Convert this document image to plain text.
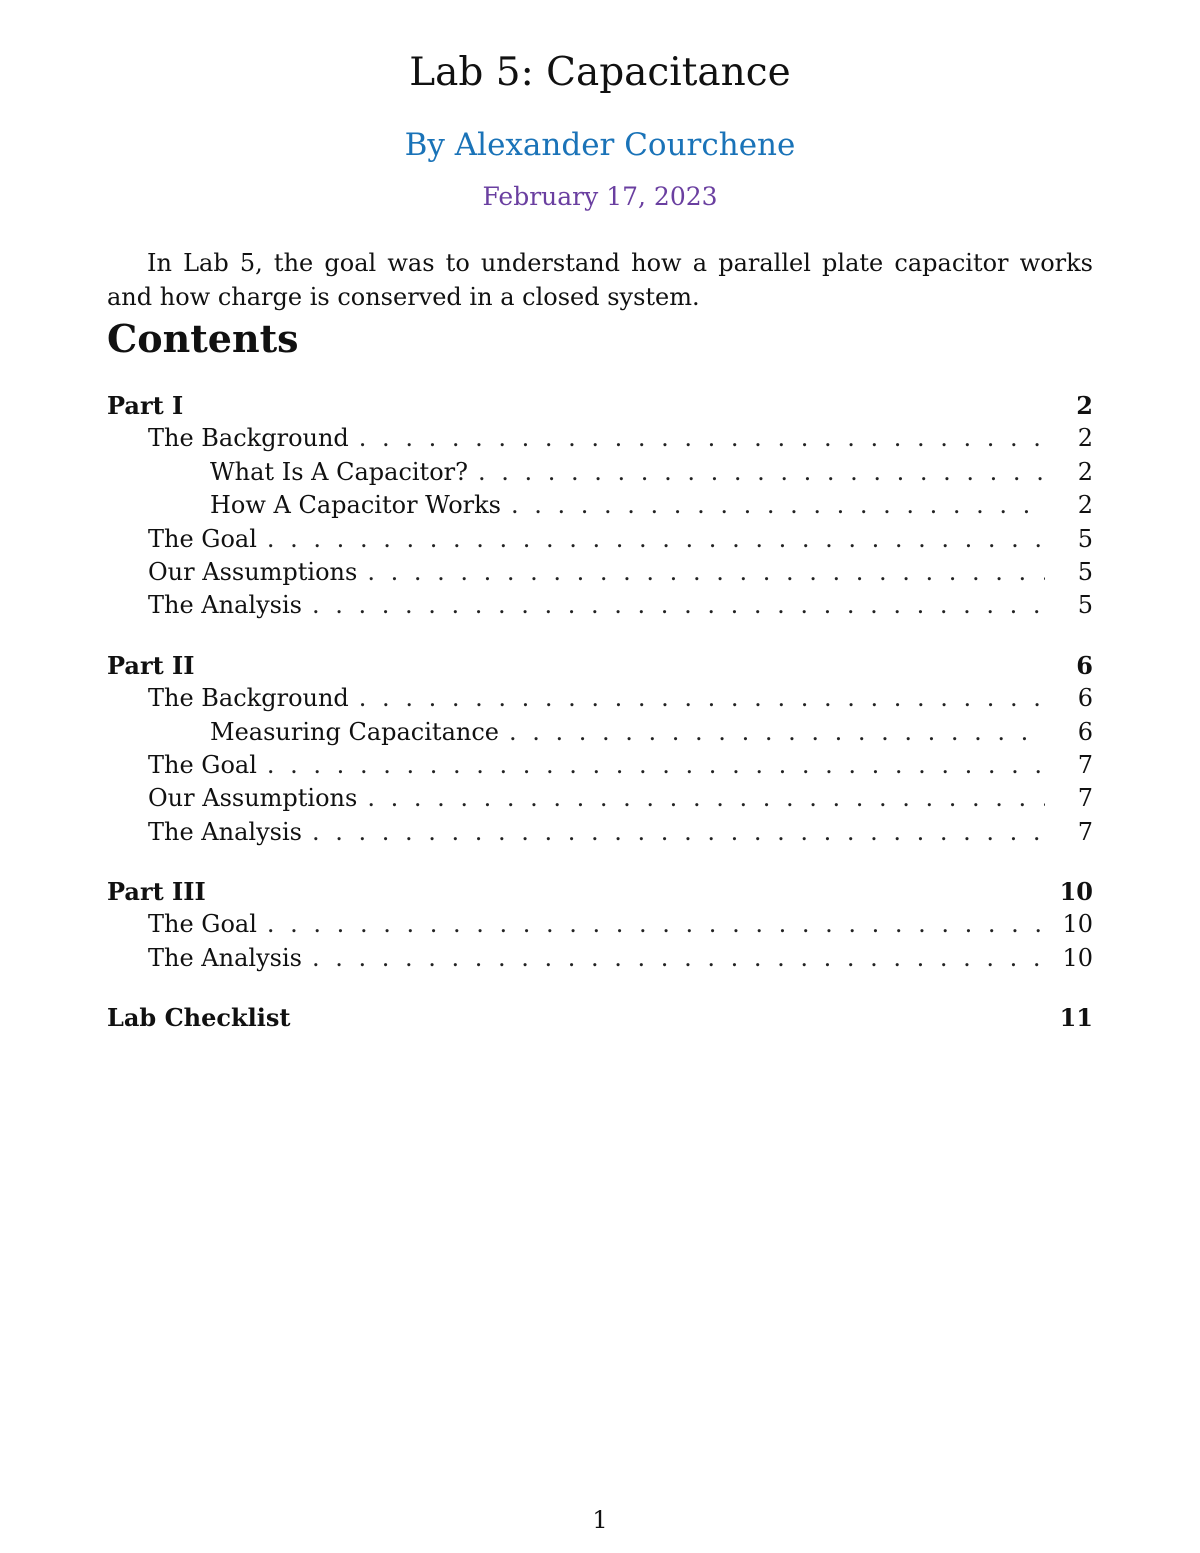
Lab 5: Capacitance
By Alexander Courchene
February 17, 2023
In Lab 5, the goal was to understand how a parallel plate capacitor works and how charge is conserved in a closed system.
Contents
Part I	2
The Background . . .	2
What Is A Capacitor? . . .	2
How A Capacitor Works . . .	2
The Goal . . .	5
Our Assumptions . . .	5
The Analysis . . .	5
Part II	6
The Background . . .	6
Measuring Capacitance . . .	6
The Goal . . .	7
Our Assumptions . . .	7
The Analysis . . .	7
Part III	10
The Goal . . .	10
The Analysis . . .	10
Lab Checklist	11
1
